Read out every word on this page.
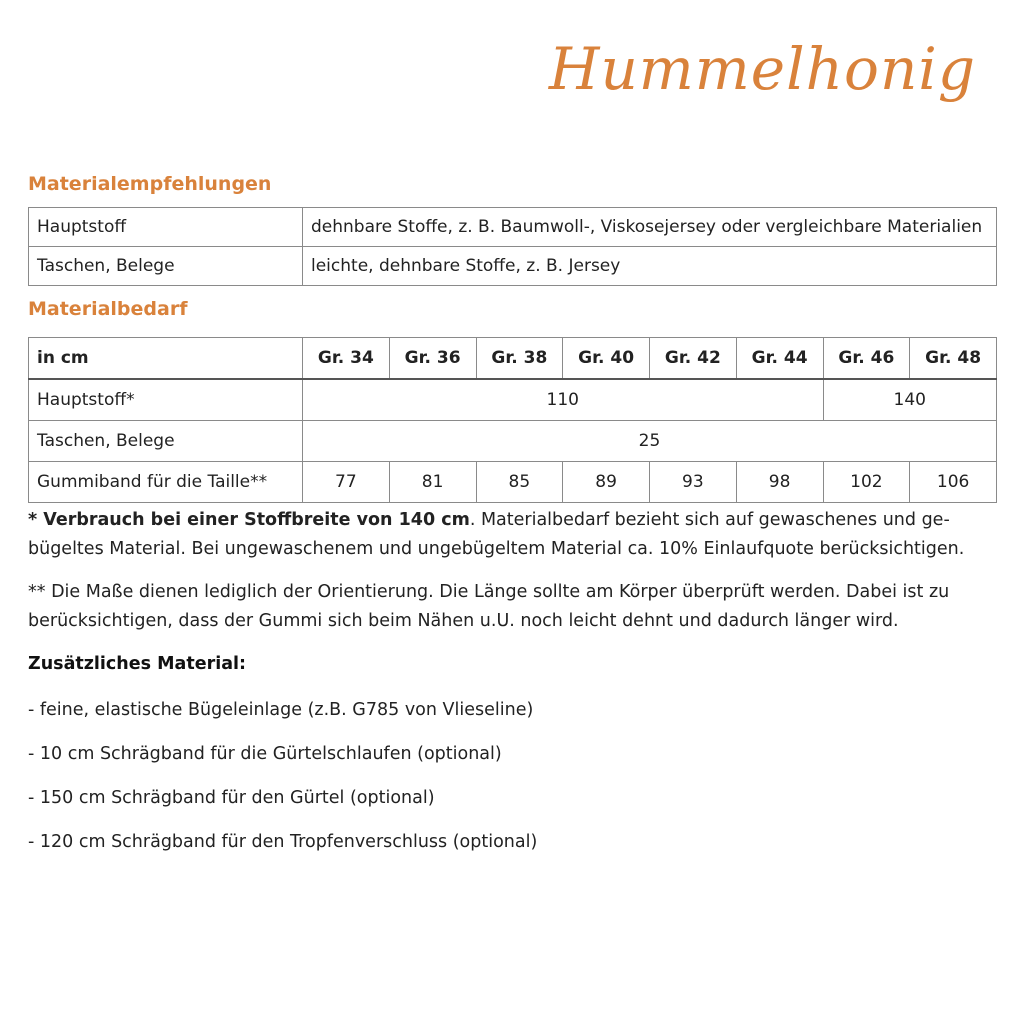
Hummelhonig
Materialempfehlungen
Hauptstoff	dehnbare Stoffe, z. B. Baumwoll-, Viskosejersey oder vergleichbare Materialien
Taschen, Belege	leichte, dehnbare Stoffe, z. B. Jersey
Materialbedarf
in cm	Gr. 34	Gr. 36	Gr. 38	Gr. 40	Gr. 42	Gr. 44	Gr. 46	Gr. 48
Hauptstoff*	110						140	
Taschen, Belege	25							
Gummiband für die Taille**	77	81	85	89	93	98	102	106

* Verbrauch bei einer Stoffbreite von 140 cm. Materialbedarf bezieht sich auf gewaschenes und ge-bügeltes Material. Bei ungewaschenem und ungebügeltem Material ca. 10% Einlaufquote berücksichtigen.

** Die Maße dienen lediglich der Orientierung. Die Länge sollte am Körper überprüft werden. Dabei ist zu berücksichtigen, dass der Gummi sich beim Nähen u.U. noch leicht dehnt und dadurch länger wird.

Zusätzliches Material:

- feine, elastische Bügeleinlage (z.B. G785 von Vlieseline)

- 10 cm Schrägband für die Gürtelschlaufen (optional)

- 150 cm Schrägband für den Gürtel (optional)

- 120 cm Schrägband für den Tropfenverschluss (optional)
